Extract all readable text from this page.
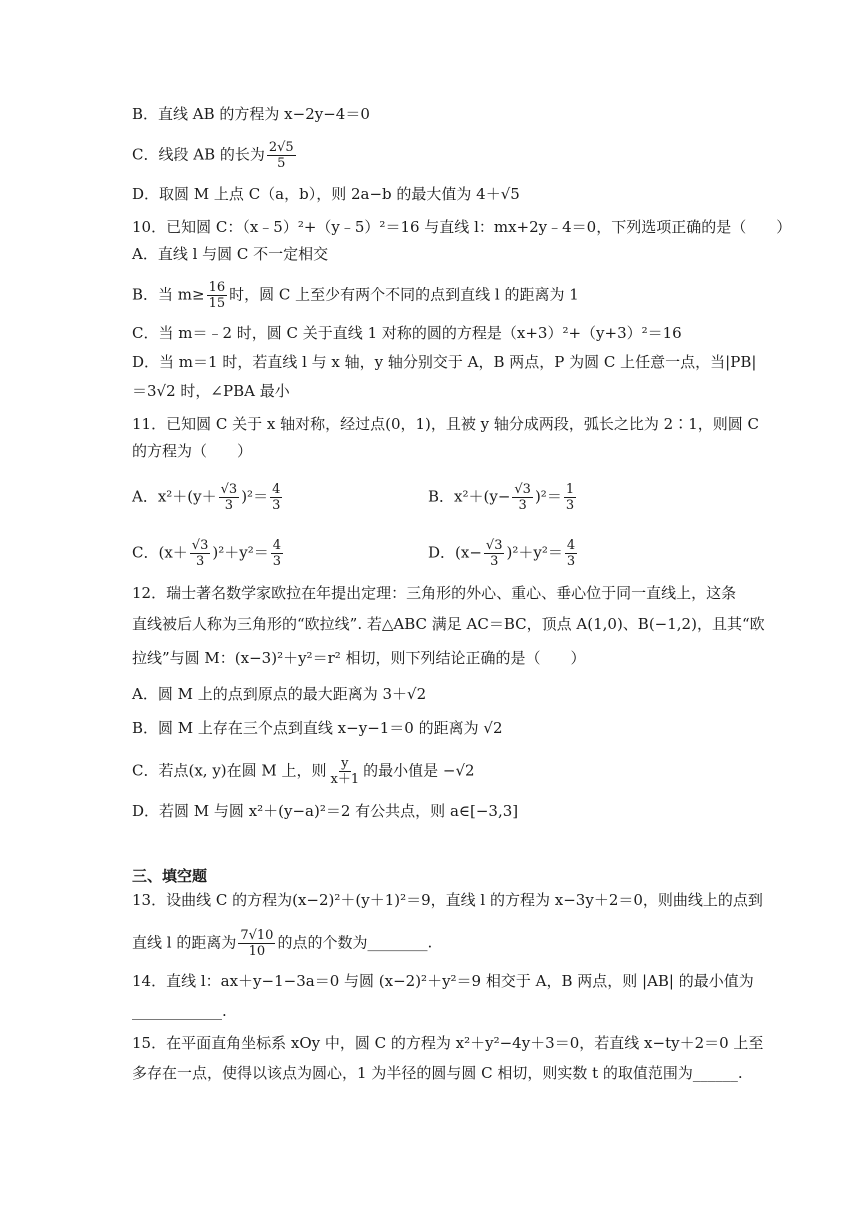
B．直线 AB 的方程为 x−2y−4＝0
C．线段 AB 的长为 $\frac{2√5}{5}$
D．取圆 M 上点 C（a，b），则 2a−b 的最大值为 4＋√5
10．已知圆 C：（x﹣5）²+（y﹣5）²＝16 与直线 l：mx+2y﹣4＝0，下列选项正确的是（　　）
A．直线 l 与圆 C 不一定相交
B．当 $m\ge \frac{16}{15}$ 时，圆 C 上至少有两个不同的点到直线 l 的距离为 1
C．当 m＝﹣2 时，圆 C 关于直线 1 对称的圆的方程是（x+3）²+（y+3）²＝16
D．当 m＝1 时，若直线 l 与 x 轴，y 轴分别交于 A，B 两点，P 为圆 C 上任意一点，当|PB|
＝3√2 时，∠PBA 最小
11．已知圆 C 关于 x 轴对称，经过点(0，1)，且被 y 轴分成两段，弧长之比为 2∶1，则圆 C
的方程为（　　）
A．$x^2+(y+ \frac{√3}{3} )^2= \frac{4}{3}$	B．$x^2+(y- \frac{√3}{3} )^2= \frac{1}{3}$
C．$(x+ \frac{√3}{3} )^2+y^2= \frac{4}{3}$	D．$(x- \frac{√3}{3} )^2+y^2= \frac{4}{3}$
12．瑞士著名数学家欧拉在年提出定理：三角形的外心、重心、垂心位于同一直线上，这条
直线被后人称为三角形的“欧拉线”. 若△ABC 满足 AC＝BC，顶点 A(1,0)、B(−1,2)，且其“欧
拉线”与圆 M：(x−3)²＋y²＝r² 相切，则下列结论正确的是（　　）
A．圆 M 上的点到原点的最大距离为 3＋√2
B．圆 M 上存在三个点到直线 x−y−1＝0 的距离为 √2
C．若点(x, y)在圆 M 上，则 $\frac{y}{x+1}$ 的最小值是 −√2
D．若圆 M 与圆 x²＋(y−a)²＝2 有公共点，则 a∈[−3,3]
三、填空题
13．设曲线 C 的方程为(x−2)²＋(y＋1)²＝9，直线 l 的方程为 x−3y＋2＝0，则曲线上的点到
直线 l 的距离为 $\frac{7√10}{10}$ 的点的个数为________.
14．直线 l：ax＋y−1−3a＝0 与圆 (x−2)²＋y²＝9 相交于 A，B 两点，则 |AB| 的最小值为
____________.
15．在平面直角坐标系 xOy 中，圆 C 的方程为 x²＋y²−4y＋3＝0，若直线 x−ty＋2＝0 上至
多存在一点，使得以该点为圆心，1 为半径的圆与圆 C 相切，则实数 t 的取值范围为______.
